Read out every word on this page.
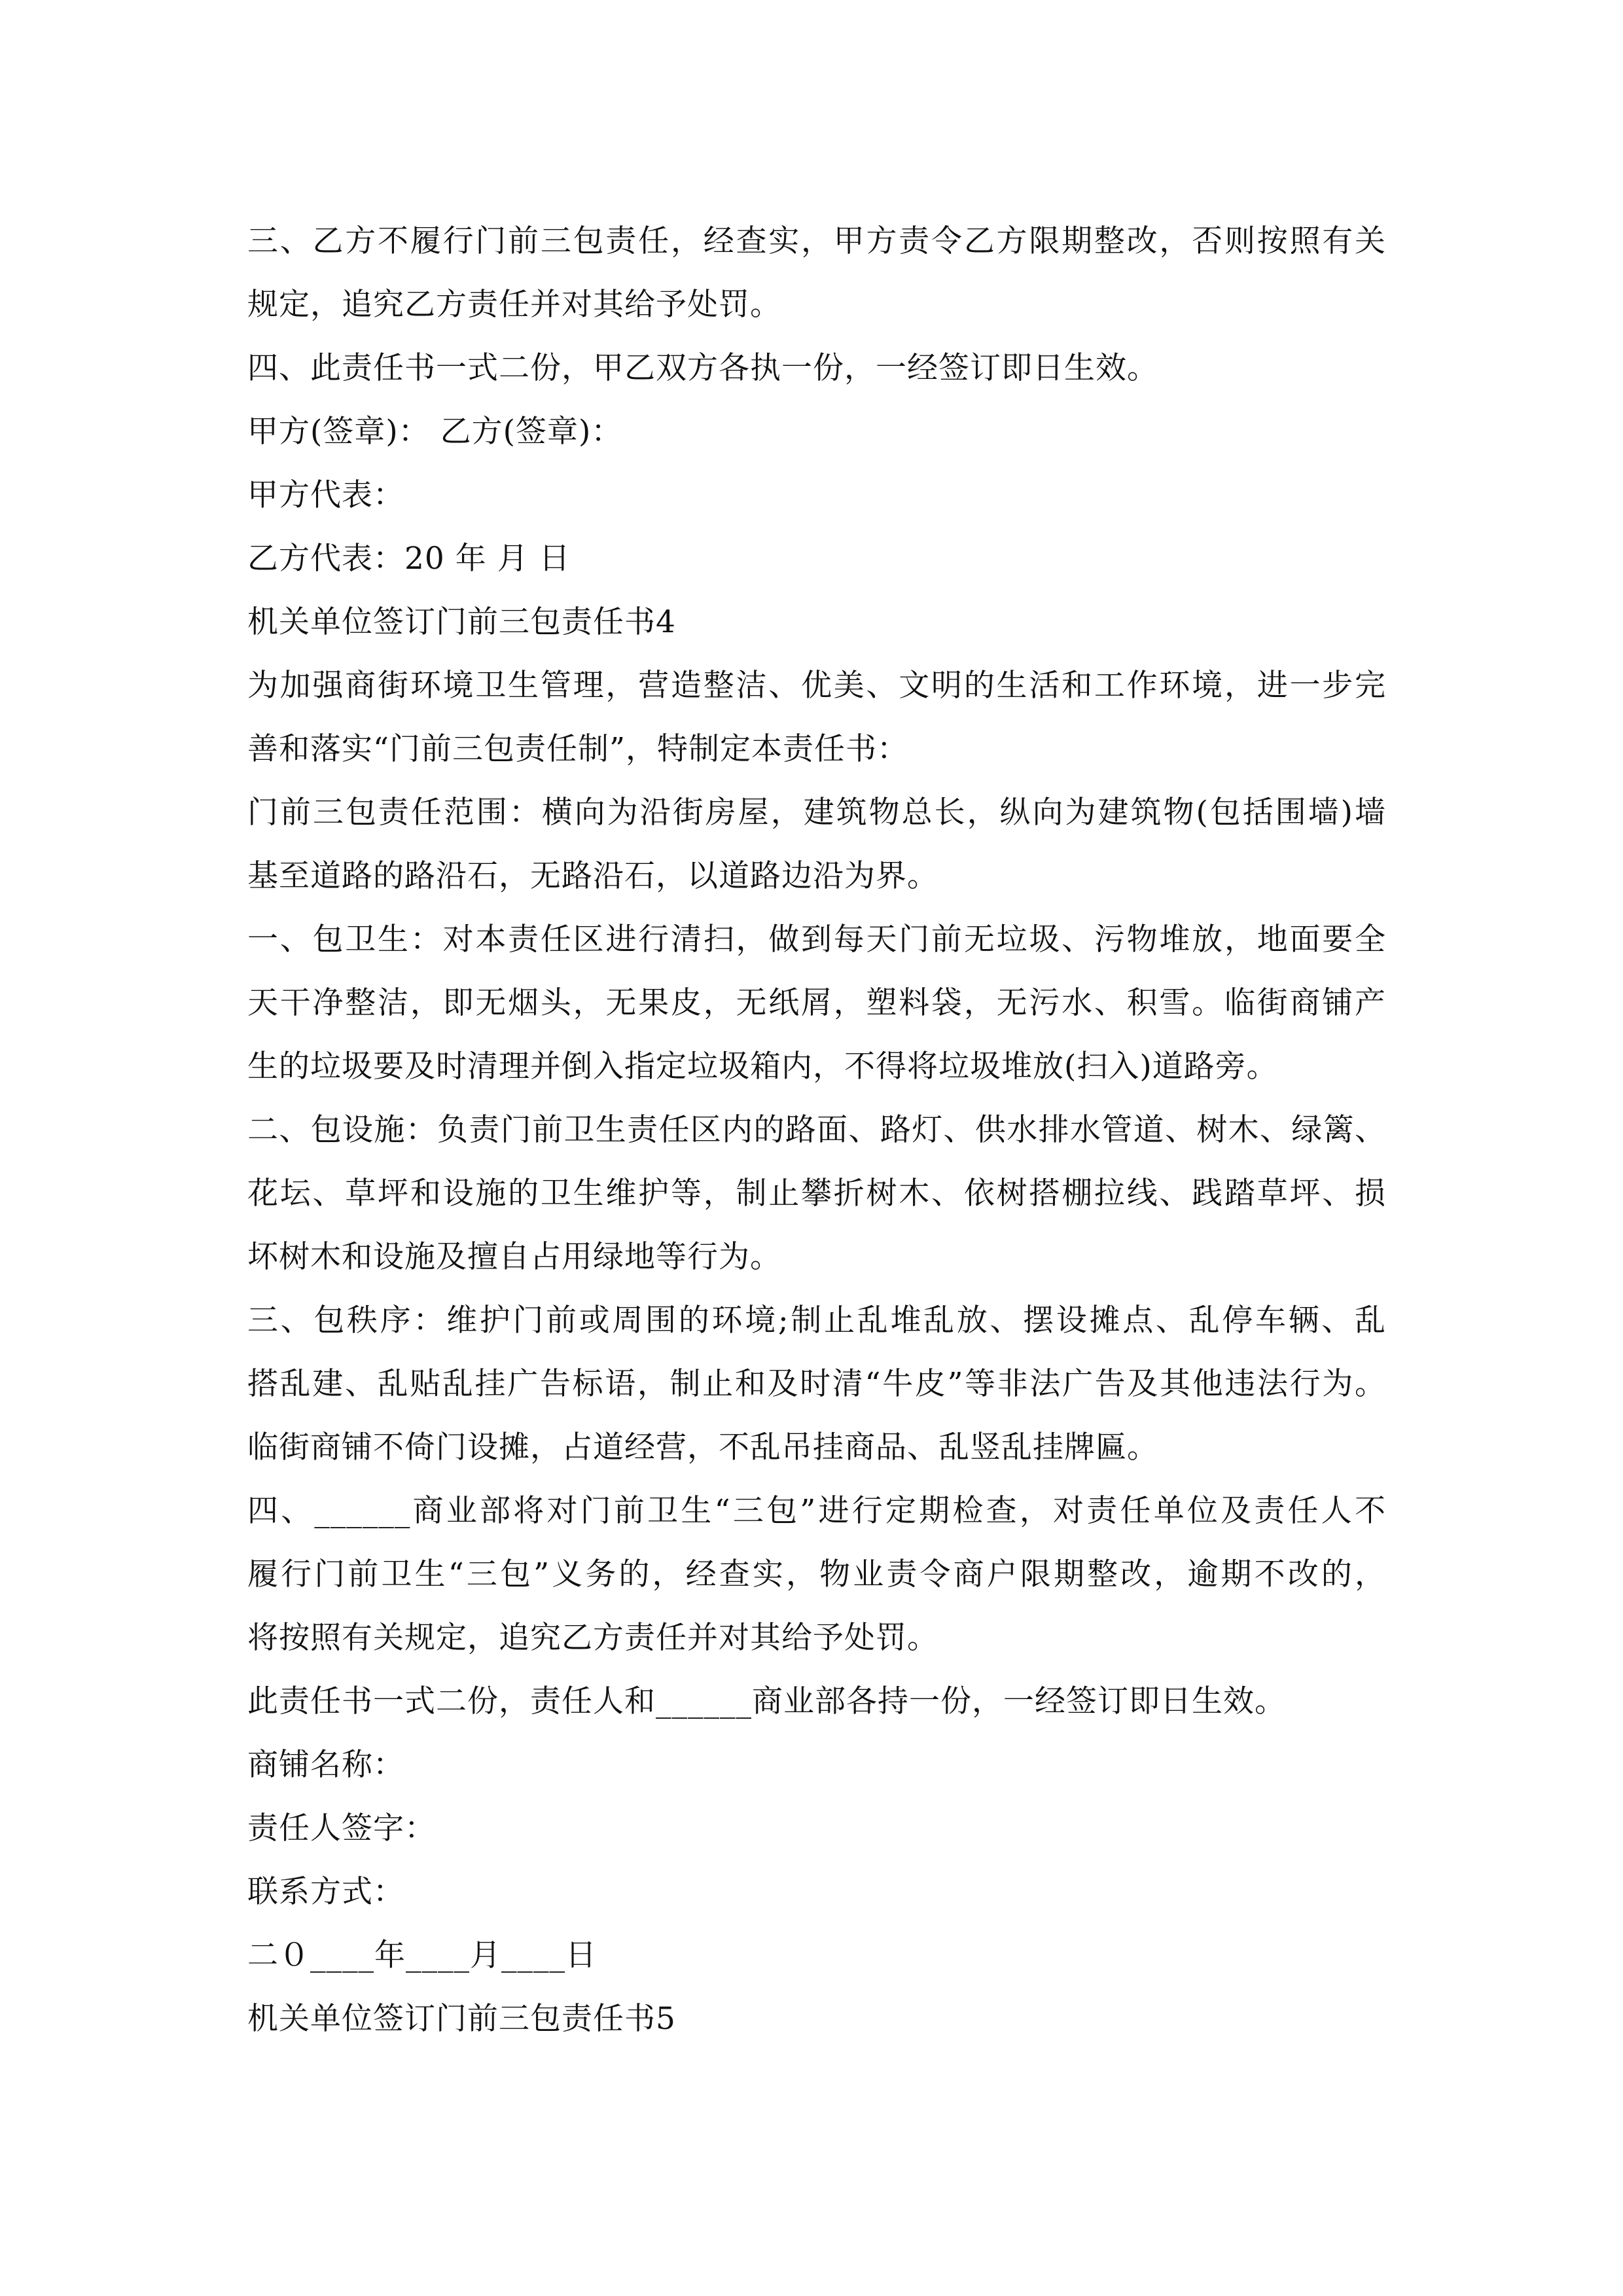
三、乙方不履行门前三包责任，经查实，甲方责令乙方限期整改，否则按照有关
规定，追究乙方责任并对其给予处罚。
四、此责任书一式二份，甲乙双方各执一份，一经签订即日生效。
甲方(签章)： 乙方(签章)：
甲方代表：
乙方代表：20 年 月 日
机关单位签订门前三包责任书4
为加强商街环境卫生管理，营造整洁、优美、文明的生活和工作环境，进一步完
善和落实“门前三包责任制”，特制定本责任书：
门前三包责任范围：横向为沿街房屋，建筑物总长，纵向为建筑物(包括围墙)墙
基至道路的路沿石，无路沿石，以道路边沿为界。
一、包卫生：对本责任区进行清扫，做到每天门前无垃圾、污物堆放，地面要全
天干净整洁，即无烟头，无果皮，无纸屑，塑料袋，无污水、积雪。临街商铺产
生的垃圾要及时清理并倒入指定垃圾箱内，不得将垃圾堆放(扫入)道路旁。
二、包设施：负责门前卫生责任区内的路面、路灯、供水排水管道、树木、绿篱、
花坛、草坪和设施的卫生维护等，制止攀折树木、依树搭棚拉线、践踏草坪、损
坏树木和设施及擅自占用绿地等行为。
三、包秩序：维护门前或周围的环境;制止乱堆乱放、摆设摊点、乱停车辆、乱
搭乱建、乱贴乱挂广告标语，制止和及时清“牛皮”等非法广告及其他违法行为。
临街商铺不倚门设摊，占道经营，不乱吊挂商品、乱竖乱挂牌匾。
四、______商业部将对门前卫生“三包”进行定期检查，对责任单位及责任人不
履行门前卫生“三包”义务的，经查实，物业责令商户限期整改，逾期不改的，
将按照有关规定，追究乙方责任并对其给予处罚。
此责任书一式二份，责任人和______商业部各持一份，一经签订即日生效。
商铺名称：
责任人签字：
联系方式：
二０____年____月____日
机关单位签订门前三包责任书5
